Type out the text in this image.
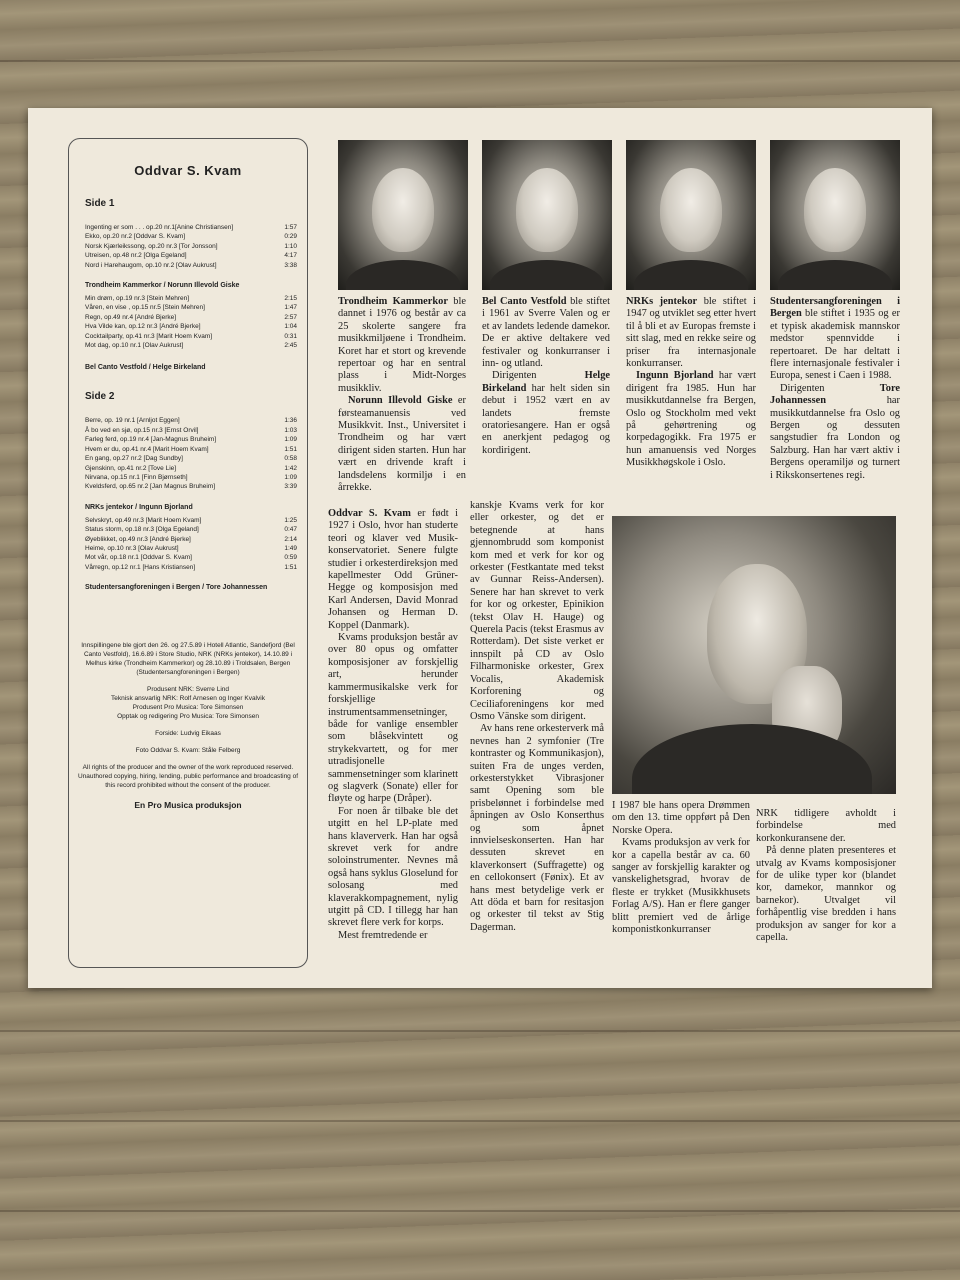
Oddvar S. Kvam
Side 1
Ingenting er som . . . op.20 nr.1[Anine Christiansen]	1:57
Ekko, op.20 nr.2 [Oddvar S. Kvam]	0:29
Norsk Kjærleikssong, op.20 nr.3 [Tor Jonsson]	1:10
Utreisen, op.48 nr.2 [Olga Egeland]	4:17
Nord i Harehaugom, op.10 nr.2 [Olav Aukrust]	3:38
Trondheim Kammerkor / Norunn Illevold Giske
Min drøm, op.19 nr.3 [Stein Mehren]	2:15
Våren, en vise , op.15 nr.5 [Stein Mehren]	1:47
Regn, op.49 nr.4 [André Bjerke]	2:57
Hva Vilde kan, op.12 nr.3 [André Bjerke]	1:04
Cocktailparty, op.41 nr.3 [Marit Hoem Kvam]	0:31
Mot dag, op.10 nr.1 [Olav Aukrust]	2:45
Bel Canto Vestfold / Helge Birkeland
Side 2
Berre, op. 19 nr.1 [Arnljot Eggen]	1:36
Å bo ved en sjø, op.15 nr.3 [Ernst Orvil]	1:03
Farleg ferd, op.19 nr.4 [Jan-Magnus Bruheim]	1:09
Hvem er du, op.41 nr.4 [Marit Hoem Kvam]	1:51
En gang, op.27 nr.2 [Dag Sundby]	0:58
Gjenskinn, op.41 nr.2 [Tove Lie]	1:42
Nirvana, op.15 nr.1 [Finn Bjørnseth]	1:09
Kveldsferd, op.65 nr.2 [Jan Magnus Bruheim]	3:39
NRKs jentekor / Ingunn Bjorland
Selvskryt, op.49 nr.3 [Marit Hoem Kvam]	1:25
Status storm, op.18 nr.3 [Olga Egeland]	0:47
Øyeblikket, op.49 nr.3 [André Bjerke]	2:14
Heime, op.10 nr.3 [Olav Aukrust]	1:49
Mot vår, op.18 nr.1 [Oddvar S. Kvam]	0:59
Vårregn, op.12 nr.1 [Hans Kristiansen]	1:51
Studentersangforeningen i Bergen / Tore Johannessen

Innspillingene ble gjort den 26. og 27.5.89 i Hotell Atlantic, Sandefjord (Bel Canto Vestfold), 16.6.89 i Store Studio, NRK (NRKs jentekor), 14.10.89 i Melhus kirke (Trondheim Kammerkor) og 28.10.89 i Troldsalen, Bergen (Studentersangforeningen i Bergen)

Produsent NRK: Sverre Lind

Teknisk ansvarlig NRK: Rolf Arnesen og Inger Kvalvik

Produsent Pro Musica: Tore Simonsen

Opptak og redigering Pro Musica: Tore Simonsen

Forside: Ludvig Eikaas

Foto Oddvar S. Kvam: Ståle Felberg

All rights of the producer and the owner of the work reproduced reserved. Unauthored copying, hiring, lending, public performance and broadcasting of this record prohibited without the consent of the producer.

En Pro Musica produksjon

Trondheim Kammerkor ble dannet i 1976 og består av ca 25 skolerte sangere fra musikkmiljøene i Trondheim. Koret har et stort og krevende repertoar og har en sentral plass i Midt-Norges musikkliv.

Norunn Illevold Giske er førsteamanuensis ved Musikkvit. Inst., Universitet i Trondheim og har vært dirigent siden starten. Hun har vært en drivende kraft i landsdelens kormiljø i en årrekke.

Bel Canto Vestfold ble stiftet i 1961 av Sverre Valen og er et av landets ledende damekor. De er aktive deltakere ved festivaler og konkurranser i inn- og utland.

Dirigenten Helge Birkeland har helt siden sin debut i 1952 vært en av landets fremste oratoriesangere. Han er også en anerkjent pedagog og kordirigent.

NRKs jentekor ble stiftet i 1947 og utviklet seg etter hvert til å bli et av Europas fremste i sitt slag, med en rekke seire og priser fra internasjonale konkurranser.

Ingunn Bjorland har vært dirigent fra 1985. Hun har musikkutdannelse fra Bergen, Oslo og Stockholm med vekt på gehørtrening og korpedagogikk. Fra 1975 er hun amanuensis ved Norges Musikkhøgskole i Oslo.

Studentersangforeningen i Bergen ble stiftet i 1935 og er et typisk akademisk mannskor medstor spennvidde i repertoaret. De har deltatt i flere internasjonale festivaler i Europa, senest i Caen i 1988.

Dirigenten Tore Johannessen har musikkutdannelse fra Oslo og Bergen og dessuten sangstudier fra London og Salzburg. Han har vært aktiv i Bergens operamiljø og turnert i Rikskonsertenes regi.

Oddvar S. Kvam er født i 1927 i Oslo, hvor han studerte teori og klaver ved Musik-konservatoriet. Senere fulgte studier i orkesterdireksjon med kapellmester Odd Grüner-Hegge og komposisjon med Karl Andersen, David Monrad Johansen og Herman D. Koppel (Danmark).

Kvams produksjon består av over 80 opus og omfatter komposisjoner av forskjellig art, herunder kammermusikalske verk for forskjellige instrumentsammensetninger, både for vanlige ensembler som blåsekvintett og strykekvartett, og for mer utradisjonelle sammensetninger som klarinett og slagverk (Sonate) eller for fløyte og harpe (Dråper).

For noen år tilbake ble det utgitt en hel LP-plate med hans klaververk. Han har også skrevet verk for andre soloinstrumenter. Nevnes må også hans syklus Gloselund for solosang med klaverakkompagnement, nylig utgitt på CD. I tillegg har han skrevet flere verk for korps.

Mest fremtredende er

kanskje Kvams verk for kor eller orkester, og det er betegnende at hans gjennombrudd som komponist kom med et verk for kor og orkester (Festkantate med tekst av Gunnar Reiss-Andersen). Senere har han skrevet to verk for kor og orkester, Epinikion (tekst Olav H. Hauge) og Querela Pacis (tekst Erasmus av Rotterdam). Det siste verket er innspilt på CD av Oslo Filharmoniske orkester, Grex Vocalis, Akademisk Korforening og Ceciliaforeningens kor med Osmo Vänske som dirigent.

Av hans rene orkesterverk må nevnes han 2 symfonier (Tre kontraster og Kommunikasjon), suiten Fra de unges verden, orkesterstykket Vibrasjoner samt Opening som ble prisbelønnet i forbindelse med åpningen av Oslo Konserthus og som åpnet innvielseskonserten. Han har dessuten skrevet en klaverkonsert (Suffragette) og en cellokonsert (Fønix). Et av hans mest betydelige verk er Att döda et barn for resitasjon og orkester til tekst av Stig Dagerman.

I 1987 ble hans opera Drømmen om den 13. time oppført på Den Norske Opera.

Kvams produksjon av verk for kor a capella består av ca. 60 sanger av forskjellig karakter og vanskelighetsgrad, hvorav de fleste er trykket (Musikkhusets Forlag A/S). Han er flere ganger blitt premiert ved de årlige komponistkonkurranser

NRK tidligere avholdt i forbindelse med korkonkuransene der.

På denne platen presenteres et utvalg av Kvams komposisjoner for de ulike typer kor (blandet kor, damekor, mannkor og barnekor). Utvalget vil forhåpentlig vise bredden i hans produksjon av sanger for kor a capella.
